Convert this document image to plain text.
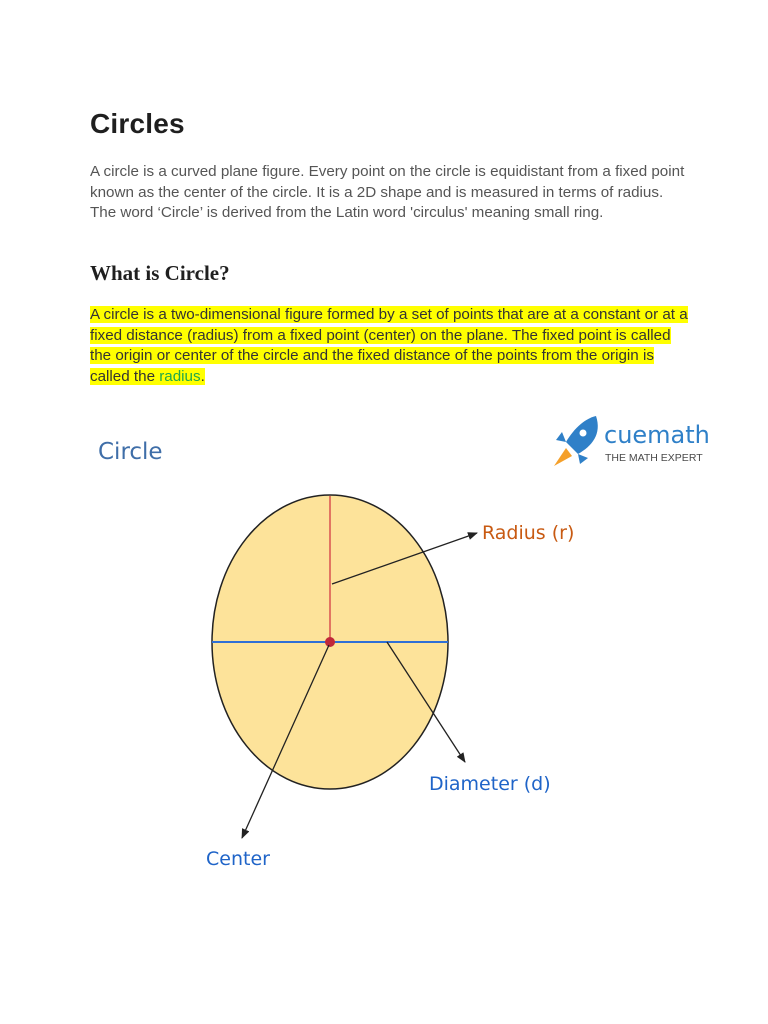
Circles

A circle is a curved plane figure. Every point on the circle is equidistant from a fixed point known as the center of the circle. It is a 2D shape and is measured in terms of radius. The word ‘Circle’ is derived from the Latin word 'circulus' meaning small ring.

What is Circle?

A circle is a two-dimensional figure formed by a set of points that are at a constant or at a fixed distance (radius) from a fixed point (center) on the plane. The fixed point is called the origin or center of the circle and the fixed distance of the points from the origin is called the radius.

Circle
cuemath
THE MATH EXPERT
Radius (r)
Diameter (d)
Center
